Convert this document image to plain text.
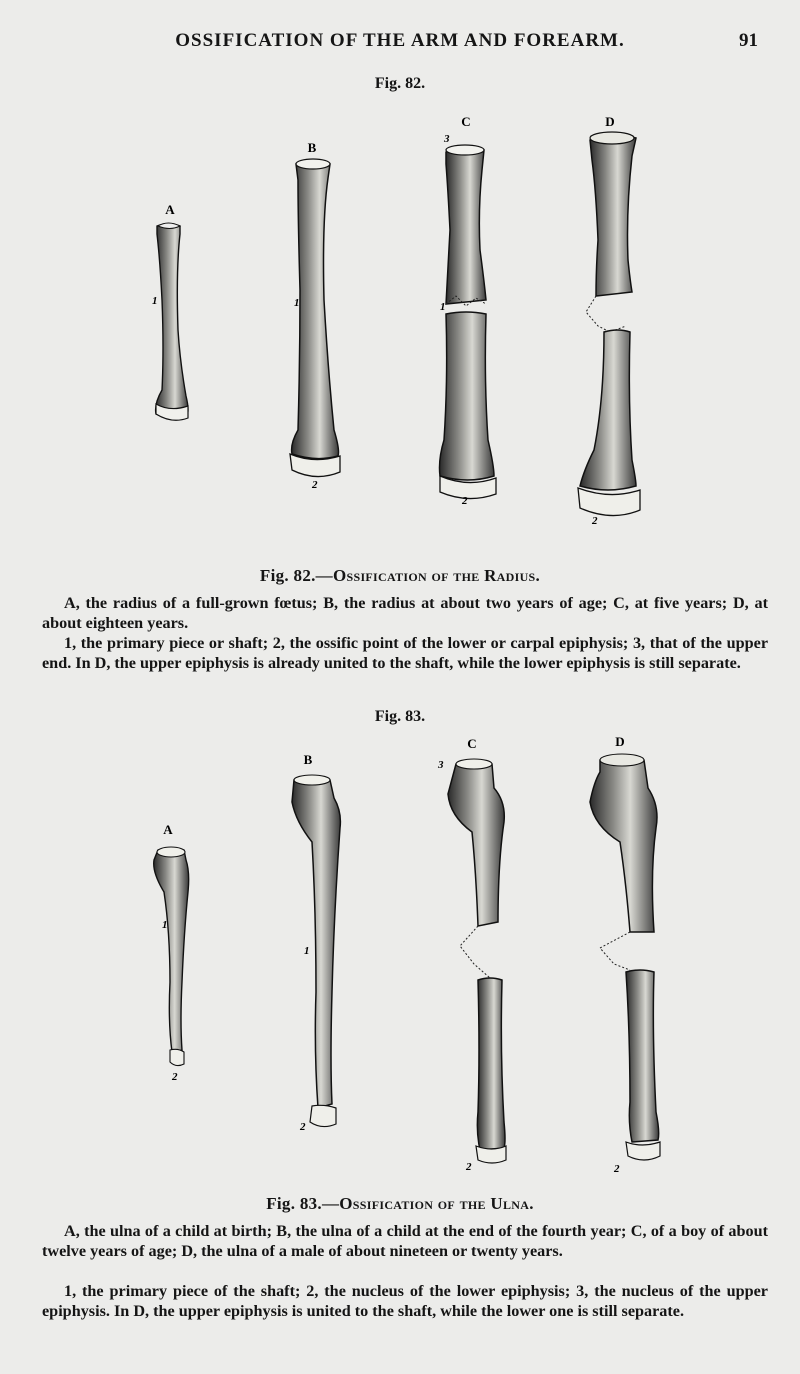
OSSIFICATION OF THE ARM AND FOREARM.	91
Fig. 82.
A
1
B
1
2
C
3
1
2
D
2
Fig. 82.—Ossification of the Radius.
A, the radius of a full-grown fœtus; B, the radius at about two years of age; C, at five years; D, at about eighteen years.
1, the primary piece or shaft; 2, the ossific point of the lower or carpal epiphysis; 3, that of the upper end. In D, the upper epiphysis is already united to the shaft, while the lower epiphysis is still separate.
Fig. 83.
A
1
2
B
1
2
C
3
2
D
2
Fig. 83.—Ossification of the Ulna.
A, the ulna of a child at birth; B, the ulna of a child at the end of the fourth year; C, of a boy of about twelve years of age; D, the ulna of a male of about nineteen or twenty years.
1, the primary piece of the shaft; 2, the nucleus of the lower epiphysis; 3, the nucleus of the upper epiphysis. In D, the upper epiphysis is united to the shaft, while the lower one is still separate.
